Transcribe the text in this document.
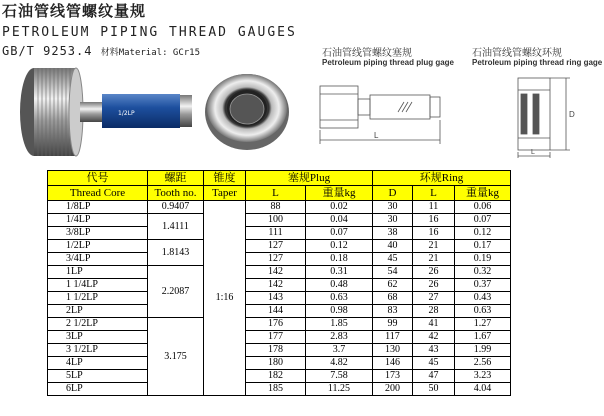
石油管线管螺纹量规
PETROLEUM PIPING THREAD GAUGES
GB/T 9253.4 材料Material: GCr15
1/2LP
石油管线管螺纹塞规
Petroleum piping thread plug gage
石油管线管螺纹环规
Petroleum piping thread ring gage
L
D
L
代号	螺距	锥度	塞规Plug		环规Ring		
Thread Core	Tooth no.	Taper	L	重量kg	D	L	重量kg
1/8LP	0.9407	1:16	88	0.02	30	11	0.06
1/4LP	1.4111		100	0.04	30	16	0.07
3/8LP			111	0.07	38	16	0.12
1/2LP	1.8143		127	0.12	40	21	0.17
3/4LP			127	0.18	45	21	0.19
1LP	2.2087		142	0.31	54	26	0.32
1 1/4LP			142	0.48	62	26	0.37
1 1/2LP			143	0.63	68	27	0.43
2LP			144	0.98	83	28	0.63
2 1/2LP	3.175		176	1.85	99	41	1.27
3LP			177	2.83	117	42	1.67
3 1/2LP			178	3.7	130	43	1.99
4LP			180	4.82	146	45	2.56
5LP			182	7.58	173	47	3.23
6LP			185	11.25	200	50	4.04
